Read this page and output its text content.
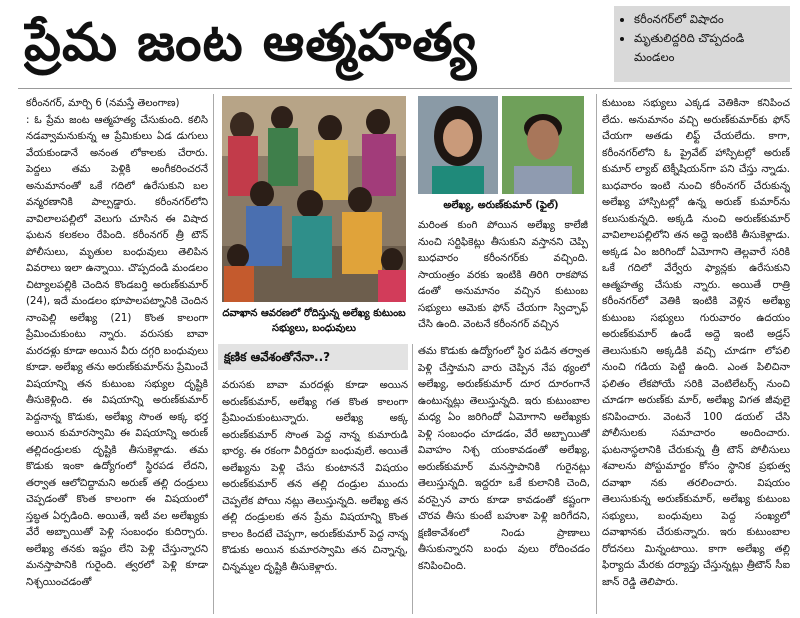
ప్రేమ జంట ఆత్మహత్య
•	కరీంనగర్‌లో విషాదం
• మృతులిద్దరిది చొప్పదండి మండలం

కరీంనగర్, మార్చి 6 (నమస్తే తెలంగాణ)

: ఓ ప్రేమ జంట ఆత్మహత్య చేసుకుంది. కలిసి నడవ్వామనుకున్న ఆ ప్రేమికులు ఏడ డుగులు వేయకుండానే అనంత లోకాలకు చేరారు. పెద్దలు తమ పెళ్లికి అంగీకరించరనే అనుమానంతో ఒకే గదిలో ఉరేసుకుని బల వన్మరణానికి పాల్పడ్డారు. కరీంనగర్‌లోని వావిలాలపల్లిలో వెలుగు చూసిన ఈ విషాద ఘటన కలకలం రేపింది. కరీంనగర్ త్రీ టౌన్ పోలీసులు, మృతుల బంధువులు తెలిపిన వివరాలు ఇలా ఉన్నాయి. చొప్పదండి మండలం చిట్యాలపల్లికి చెందిన కొండబర్తి అరుణ్‌కుమార్ (24), ఇదే మండలం భూపాలపట్నానికి చెందిన నాంపెల్లి అలేఖ్య (21) కొంత కాలంగా ప్రేమించుకుంటు న్నారు. వరుసకు బావా మరదళ్లు కూడా అయిన వీరు దగ్గరి బంధువులు కూడా. అలేఖ్య తను అరుణ్‌కుమార్‌ను ప్రేమించే విషయాన్ని తన కుటుంబ సభ్యుల దృష్టికి తీసుకెళ్లింది. ఈ విషయాన్ని అరుణ్‌కుమార్ పెద్దనాన్న కొడుకు, అలేఖ్య సొంత అక్క భర్త అయిన కుమారస్వామి ఈ విషయాన్ని అరుణ్ తల్లిదండ్రులకు దృష్టికి తీసుకెళ్లాడు. తమ కొడుకు ఇంకా ఉద్యోగంలో స్థిరపడ లేదని, తర్వాత ఆలోచిద్దామని అరుణ్ తల్లి దండ్రులు చెప్పడంతో కొంత కాలంగా ఈ విషయంలో స్తబ్ధత ఏర్పడింది. అయితే, ఇటీ వల అలేఖ్యకు వేరే అబ్బాయితో పెళ్లి సంబంధం కుదిర్చారు. అలేఖ్య తనకు ఇష్టం లేని పెళ్లి చేస్తున్నారని మనస్తాపానికి గురైంది. త్వరలో పెళ్లి కూడా నిశ్చయించడంతో

దవాఖాన ఆవరణలో రోదిస్తున్న అలేఖ్య కుటుంబ సభ్యులు, బంధువులు
అలేఖ్య, అరుణ్‌కుమార్ (ఫైల్)

మరింత కుంగి పోయిన అలేఖ్య కాలేజీ నుంచి సర్టిఫికెట్లు తీసుకుని వస్తానని చెప్పి బుధవారం కరీంనగర్‌కు వచ్చింది. సాయంత్రం వరకు ఇంటికి తిరిగి రాకపోవ డంతో అనుమానం వచ్చిన కుటుంబ సభ్యులు ఆమెకు ఫోన్ చేయగా స్విచ్ఛాఫ్ చేసి ఉంది. వెంటనే కరీంనగర్ వచ్చిన

క్షణిక ఆవేశంతోనేనా..?

వరుసకు బావా మరదళ్లు కూడా అయిన అరుణ్‌కుమార్, అలేఖ్య గత కొంత కాలంగా ప్రేమించుకుంటున్నారు. అలేఖ్య అక్క అరుణ్‌కుమార్ సొంత పెద్ద నాన్న కుమారుడి భార్య. ఈ రకంగా వీరిద్దరూ బంధువులే. అయితే అలేఖ్యను పెళ్లి చేసు కుంటాననే విషయం అరుణ్‌కుమార్ తన తల్లి దండ్రుల ముందు చెప్పలేక పోయి నట్లు తెలుస్తున్నది. అలేఖ్య తన తల్లి దండ్రులకు తన ప్రేమ విషయాన్ని కొంత కాలం కిందటే చెప్పగా, అరుణ్‌కుమార్ పెద్ద నాన్న కొడుకు అయిన కుమారస్వామి తన చిన్నాన్న, చిన్నమ్మల దృష్టికి తీసుకెళ్లారు.

తమ కొడుకు ఉద్యోగంలో స్థిర పడిన తర్వాత పెళ్లి చేస్తామని వారు చెప్పిన నేప థ్యంలో అలేఖ్య, అరుణ్‌కుమార్ దూర దూరంగానే ఉంటున్నట్లు తెలుస్తున్నది. ఇరు కుటుంబాల మధ్య ఏం జరిగిందో ఏమోగాని అలేఖ్యకు పెళ్లి సంబంధం చూడడం, వేరే అబ్బాయితో వివాహం నిశ్చ యంకావడంతో అలేఖ్య, అరుణ్‌కుమార్ మనస్తాపానికి గురైనట్లు తెలుస్తున్నది. ఇద్దరూ ఒకే కులానికి చెంది, వరస్సైన వారు కూడా కావడంతో కష్టంగా చొరవ తీసు కుంటే బహుశా పెళ్లి జరిగేదని, క్షణికావేశంలో నిండు ప్రాణాలు తీసుకున్నారని బంధు వులు రోదించడం కనిపించింది.

కుటుంబ సభ్యులు ఎక్కడ వెతికినా కనిపించ లేదు. అనుమానం వచ్చి అరుణ్‌కుమార్‌కు ఫోన్ చేయగా అతడు లిఫ్ట్ చేయలేదు. కాగా, కరీంనగర్‌లోని ఓ ప్రైవేట్ హాస్పిటల్లో అరుణ్ కుమార్ ల్యాబ్ టెక్నీషియన్‌గా పని చేస్తు న్నాడు. బుధవారం ఇంటి నుంచి కరీంనగర్ చేరుకున్న అలేఖ్య హాస్పిటల్లో ఉన్న అరుణ్ కుమార్‌ను కలుసుకున్నది. అక్కడి నుంచి అరుణ్‌కుమార్ వావిలాలపల్లిలోని తన అద్దె ఇంటికి తీసుకెళ్లాడు. అక్కడ ఏం జరిగిందో ఏమోగాని తెల్లవారే సరికి ఒకే గదిలో వేర్వేరు ఫ్యాన్లకు ఉరేసుకుని ఆత్మహత్య చేసుకు న్నారు. అయితే రాత్రి కరీంనగర్‌లో వెతికి ఇంటికి వెళ్లిన అలేఖ్య కుటుంబ సభ్యులు గురువారం ఉదయం అరుణ్‌కుమార్ ఉండే అద్దె ఇంటి అడ్రస్ తెలుసుకుని అక్కడికి వచ్చి చూడగా లోపలి నుంచి గడియ పెట్టి ఉంది. ఎంత పిలిచినా ఫలితం లేకపోయే సరికి వెంటిలేటర్స్ నుంచి చూడగా అరుణ్‌కు మార్, అలేఖ్య విగత జీవులై కనిపించారు. వెంటనే 100 డయల్ చేసి పోలీసులకు సమాచారం అందించారు. ఘటనాస్థలానికి చేరుకున్న త్రీ టౌన్ పోలీసులు శవాలను పోస్టుమార్టం కోసం స్థానిక ప్రభుత్వ దవాఖా నకు తరలించారు. విషయం తెలుసుకున్న అరుణ్‌కుమార్, అలేఖ్య కుటుంబ సభ్యులు, బంధువులు పెద్ద సంఖ్యలో దవాఖానకు చేరుకున్నారు. ఇరు కుటుంబాల రోదనలు మిన్నంటాయి. కాగా అలేఖ్య తల్లి ఫిర్యాదు మేరకు దర్యాప్తు చేస్తున్నట్లు త్రీటౌన్ సీఐ జాన్ రెడ్డి తెలిపారు.
